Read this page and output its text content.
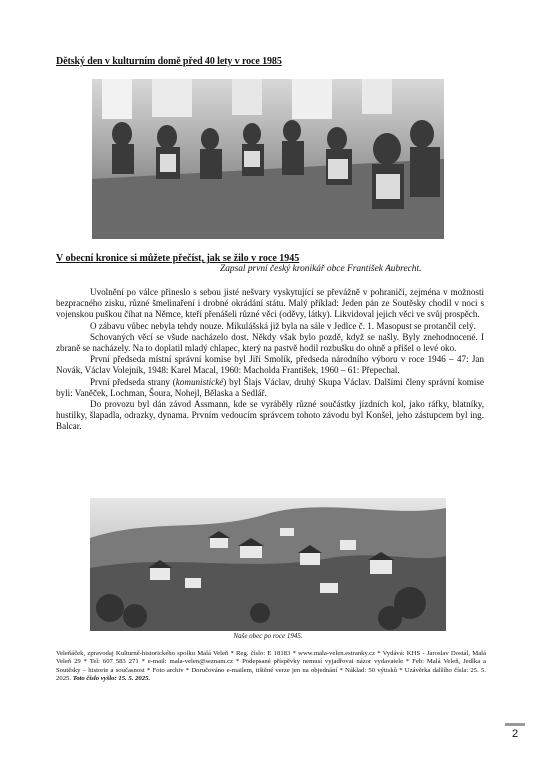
Dětský den v kulturním domě před 40 lety v roce 1985
V obecní kronice si můžete přečíst, jak se žilo v roce 1945
Zapsal první český kronikář obce František Aubrecht.

Uvolnění po válce přineslo s sebou jisté nešvary vyskytující se převážně v pohraničí, zejména v možnosti bezpracného zisku, různé šmelinaření i drobné okrádání státu. Malý příklad: Jeden pán ze Soutěsky chodil v noci s vojenskou puškou číhat na Němce, kteří přenášeli různé věci (oděvy, látky). Likvidoval jejich věci ve svůj prospěch.

O zábavu vůbec nebyla tehdy nouze. Mikulášská již byla na sále v Jedlce č. 1. Masopust se protančil celý.

Schovaných věcí se všude nacházelo dost. Někdy však bylo pozdě, když se našly. Byly znehodnocené. I zbraně se nacházely. Na to doplatil mladý chlapec, který na pastvě hodil rozbušku do ohně a přišel o levé oko.

První předseda místní správní komise byl Jiří Smolík, předseda národního výboru v roce 1946 – 47: Jan Novák, Václav Volejník, 1948: Karel Macal, 1960: Macholda František, 1960 – 61: Přepechal.

První předseda strany (komunistické) byl Šlajs Václav, druhý Skupa Václav. Dalšími členy správní komise byli: Vaněček, Lochman, Šoura, Nohejl, Bělaska a Sedlář.

Do provozu byl dán závod Assmann, kde se vyráběly různé součástky jízdních kol, jako ráfky, blatníky, hustilky, šlapadla, odrazky, dynama. Prvním vedoucím správcem tohoto závodu byl Konšel, jeho zástupcem byl ing. Balcar.

Naše obec po roce 1945.
Veleňáček, zpravodaj Kulturně-historického spolku Malá Veleň * Reg. číslo: E 18183 * www.mala-velen.estranky.cz * Vydává: KHS - Jaroslav Dostál, Malá Veleň 29 * Tel: 607 583 271 * e-mail: mala-velen@seznam.cz * Podepsané příspěvky nemusí vyjadřovat názor vydavatele * Feb: Malá Veleň, Jedlka a Soutěsky – historie a současnost * Foto archiv * Doručováno e-mailem, tištěné verze jen na objednání * Náklad: 50 výtisků * Uzávěrka dalšího čísla: 25. 5. 2025. Toto číslo vyšlo: 15. 5. 2025.
2
